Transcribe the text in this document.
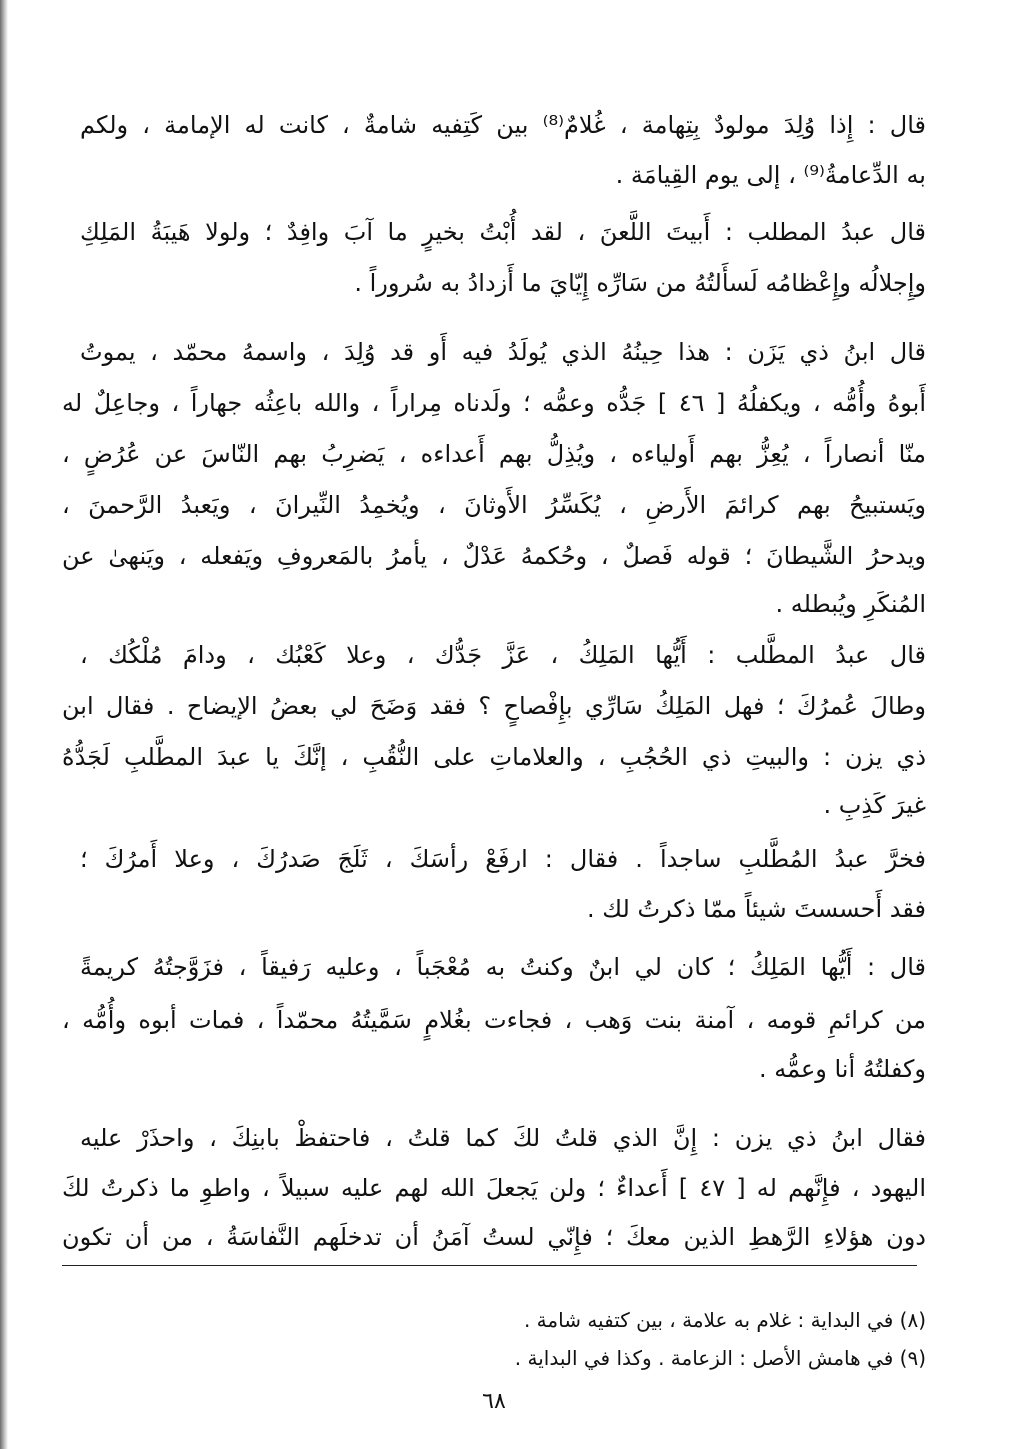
قال : إِذا وُلِدَ مولودٌ بِتِهامة ، غُلامٌ⁽⁸⁾ بين كَتِفيه شامةٌ ، كانت له الإمامة ، ولكم
به الدِّعامةُ⁽⁹⁾ ، إلى يوم القِيامَة .
قال عبدُ المطلب : أَبيتَ اللَّعنَ ، لقد أُبْتُ بخيرٍ ما آبَ وافِدٌ ؛ ولولا هَيبَةُ المَلِكِ
وإِجلالُه وإِعْظامُه لَسأَلتُهُ من سَارِّه إِيّايَ ما أَزدادُ به سُروراً .
قال ابنُ ذي يَزَن : هذا حِينُهُ الذي يُولَدُ فيه أَو قد وُلِدَ ، واسمهُ محمّد ، يموتُ
أَبوهُ وأُمُّه ، ويكفلُهُ [ ٤٦ ] جَدُّه وعمُّه ؛ ولَدناه مِراراً ، والله باعِثُه جهاراً ، وجاعِلٌ له
منّا أنصاراً ، يُعِزُّ بهم أَولياءه ، ويُذِلُّ بهم أَعداءه ، يَضرِبُ بهم النّاسَ عن عُرُضٍ ،
ويَستبيحُ بهم كرائمَ الأَرضِ ، يُكَسِّرُ الأَوثانَ ، ويُخمِدُ النِّيرانَ ، ويَعبدُ الرَّحمنَ ،
ويدحرُ الشَّيطانَ ؛ قوله فَصلٌ ، وحُكمهُ عَدْلٌ ، يأمرُ بالمَعروفِ ويَفعله ، ويَنهىٰ عن
المُنكَرِ ويُبطله .
قال عبدُ المطَّلب : أَيُّها المَلِكُ ، عَزَّ جَدُّك ، وعلا كَعْبُك ، ودامَ مُلْكُك ،
وطالَ عُمرُكَ ؛ فهل المَلِكُ سَارِّي بإِفْصاحٍ ؟ فقد وَضَحَ لي بعضُ الإيضاح . فقال ابن
ذي يزن : والبيتِ ذي الحُجُبِ ، والعلاماتِ على النُّقُبِ ، إنَّكَ يا عبدَ المطَّلبِ لَجَدُّهُ
غيرَ كَذِبِ .
فخرَّ عبدُ المُطَّلبِ ساجداً . فقال : ارفَعْ رأسَكَ ، ثَلَجَ صَدرُكَ ، وعلا أَمرُكَ ؛
فقد أَحسستَ شيئاً ممّا ذكرتُ لك .
قال : أَيُّها المَلِكُ ؛ كان لي ابنٌ وكنتُ به مُعْجَباً ، وعليه رَفيقاً ، فزَوَّجتُهُ كريمةً
من كرائمِ قومه ، آمنة بنت وَهب ، فجاءت بغُلامٍ سَمَّيتُهُ محمّداً ، فمات أبوه وأُمُّه ،
وكفلتُهُ أنا وعمُّه .
فقال ابنُ ذي يزن : إِنَّ الذي قلتُ لكَ كما قلتُ ، فاحتفظْ بابنِكَ ، واحذَرْ عليه
اليهود ، فإِنَّهم له [ ٤٧ ] أَعداءٌ ؛ ولن يَجعلَ الله لهم عليه سبيلاً ، واطوِ ما ذكرتُ لكَ
دون هؤلاءِ الرَّهطِ الذين معكَ ؛ فإِنّي لستُ آمَنُ أن تدخلَهم النَّفاسَةُ ، من أن تكون
(٨) في البداية : غلام به علامة ، بين كتفيه شامة .
(٩) في هامش الأصل : الزعامة . وكذا في البداية .
٦٨
